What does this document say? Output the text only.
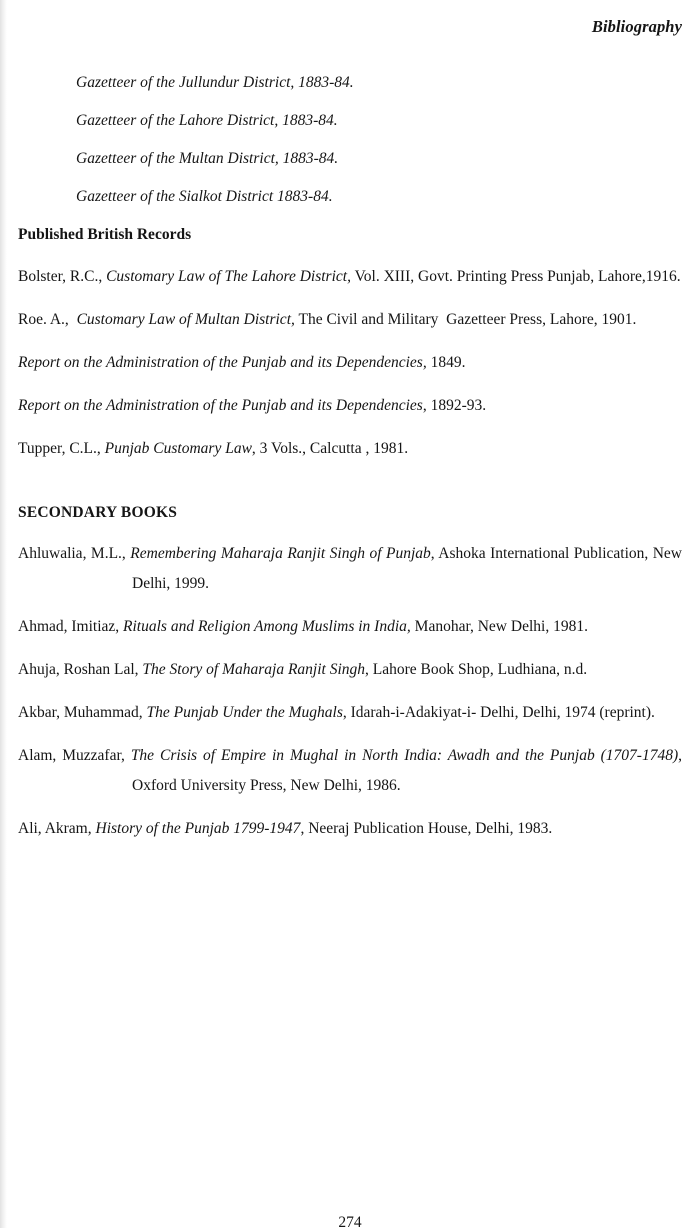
Bibliography
Gazetteer of the Jullundur District, 1883-84.
Gazetteer of the Lahore District, 1883-84.
Gazetteer of the Multan District, 1883-84.
Gazetteer of the Sialkot District 1883-84.
Published British Records

Bolster, R.C., Customary Law of The Lahore District, Vol. XIII, Govt. Printing Press Punjab, Lahore,1916.

Roe. A.,  Customary Law of Multan District, The Civil and Military  Gazetteer Press, Lahore, 1901.

Report on the Administration of the Punjab and its Dependencies, 1849.

Report on the Administration of the Punjab and its Dependencies, 1892-93.

Tupper, C.L., Punjab Customary Law, 3 Vols., Calcutta , 1981.

SECONDARY BOOKS

Ahluwalia, M.L., Remembering Maharaja Ranjit Singh of Punjab, Ashoka International Publication, New Delhi, 1999.

Ahmad, Imitiaz, Rituals and Religion Among Muslims in India, Manohar, New Delhi, 1981.

Ahuja, Roshan Lal, The Story of Maharaja Ranjit Singh, Lahore Book Shop, Ludhiana, n.d.

Akbar, Muhammad, The Punjab Under the Mughals, Idarah-i-Adakiyat-i- Delhi, Delhi, 1974 (reprint).

Alam, Muzzafar, The Crisis of Empire in Mughal in North India: Awadh and the Punjab (1707-1748), Oxford University Press, New Delhi, 1986.

Ali, Akram, History of the Punjab 1799-1947, Neeraj Publication House, Delhi, 1983.

274
